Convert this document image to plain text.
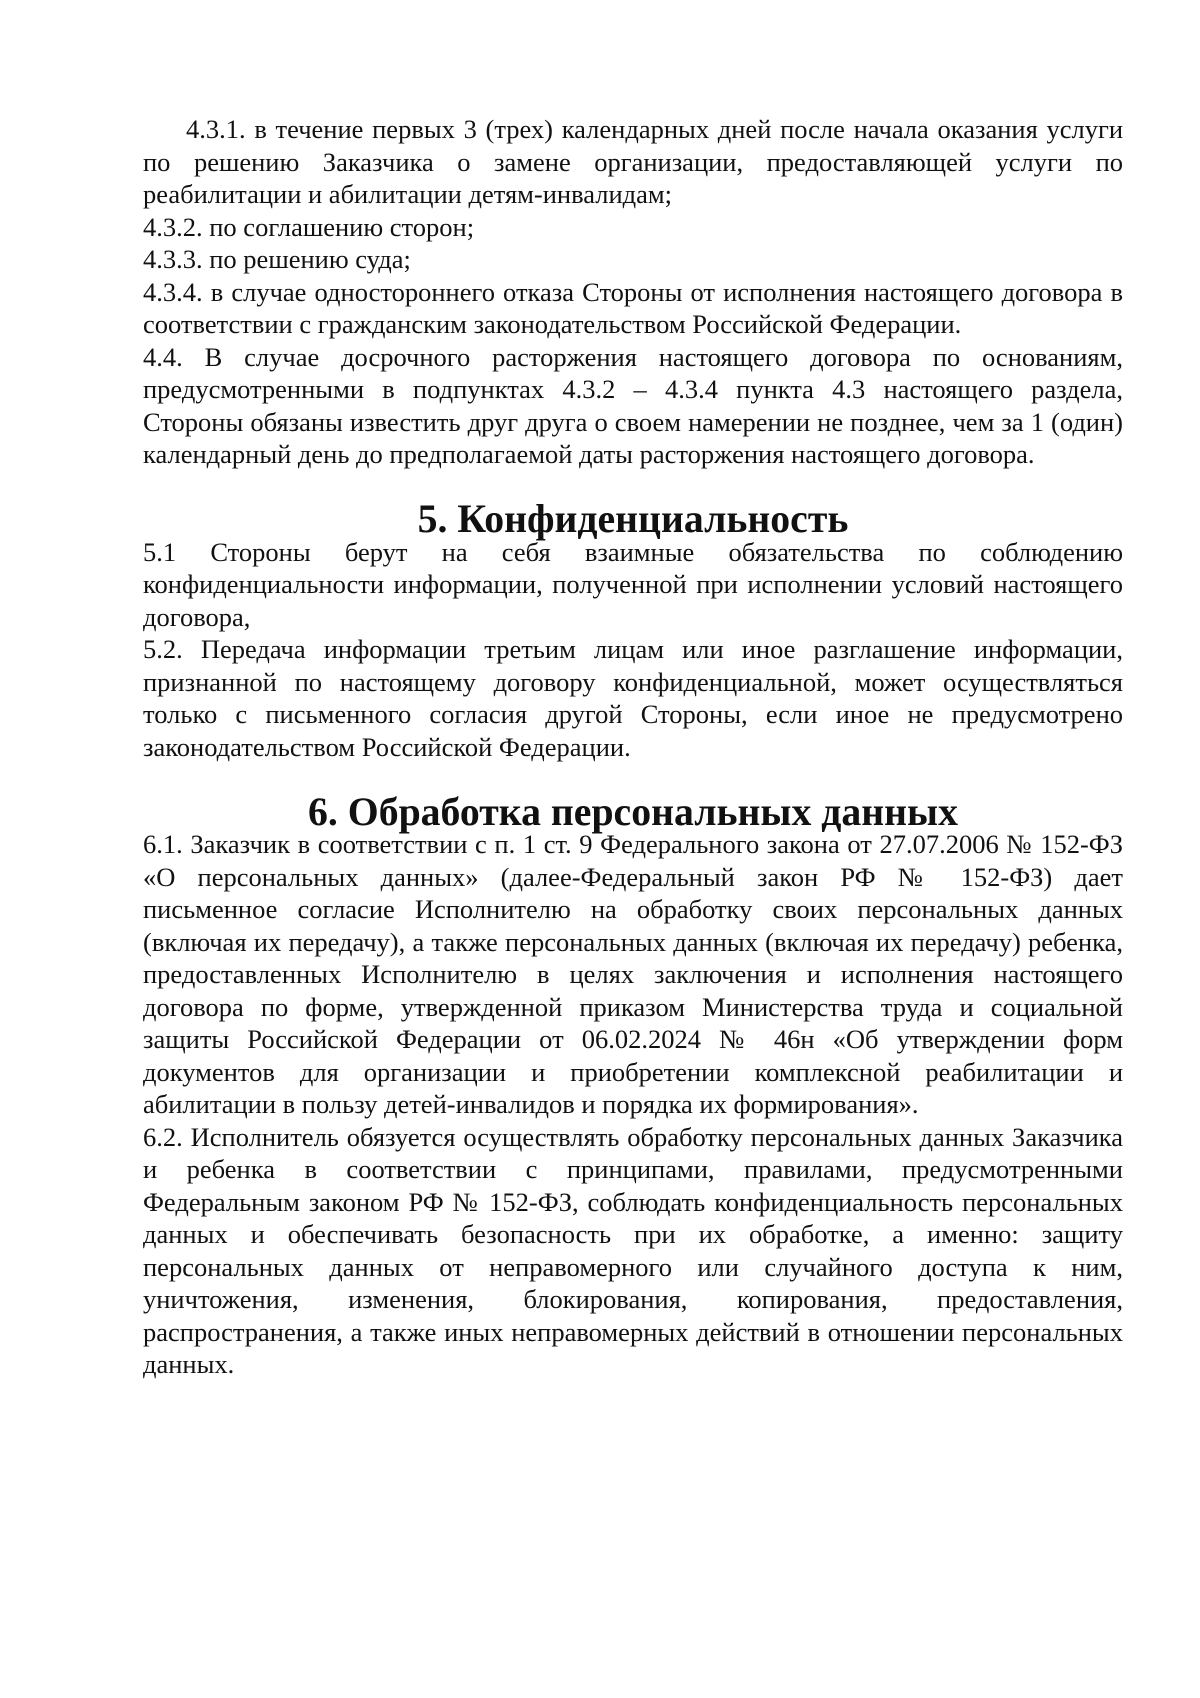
4.3.1. в течение первых 3 (трех) календарных дней после начала оказания услуги по решению Заказчика о замене организации, предоставляющей услуги по реабилитации и абилитации детям-инвалидам;

4.3.2. по соглашению сторон;

4.3.3. по решению суда;

4.3.4. в случае одностороннего отказа Стороны от исполнения настоящего договора в соответствии с гражданским законодательством Российской Федерации.

4.4. В случае досрочного расторжения настоящего договора по основаниям, предусмотренными в подпунктах 4.3.2 – 4.3.4 пункта 4.3 настоящего раздела, Стороны обязаны известить друг друга о своем намерении не позднее, чем за 1 (один) календарный день до предполагаемой даты расторжения настоящего договора.

5. Конфиденциальность

5.1 Стороны берут на себя взаимные обязательства по соблюдению конфиденциальности информации, полученной при исполнении условий настоящего договора,

5.2. Передача информации третьим лицам или иное разглашение информации, признанной по настоящему договору конфиденциальной, может осуществляться только с письменного согласия другой Стороны, если иное не предусмотрено законодательством Российской Федерации.

6. Обработка персональных данных

6.1. Заказчик в соответствии с п. 1 ст. 9 Федерального закона от 27.07.2006 № 152-ФЗ «О персональных данных» (далее-Федеральный закон РФ № 152-ФЗ) дает письменное согласие Исполнителю на обработку своих персональных данных (включая их передачу), а также персональных данных (включая их передачу) ребенка, предоставленных Исполнителю в целях заключения и исполнения настоящего договора по форме, утвержденной приказом Министерства труда и социальной защиты Российской Федерации от 06.02.2024 № 46н «Об утверждении форм документов для организации и приобретении комплексной реабилитации и абилитации в пользу детей-инвалидов и порядка их формирования».

6.2. Исполнитель обязуется осуществлять обработку персональных данных Заказчика и ребенка в соответствии с принципами, правилами, предусмотренными Федеральным законом РФ № 152-ФЗ, соблюдать конфиденциальность персональных данных и обеспечивать безопасность при их обработке, а именно: защиту персональных данных от неправомерного или случайного доступа к ним, уничтожения, изменения, блокирования, копирования, предоставления, распространения, а также иных неправомерных действий в отношении персональных данных.
